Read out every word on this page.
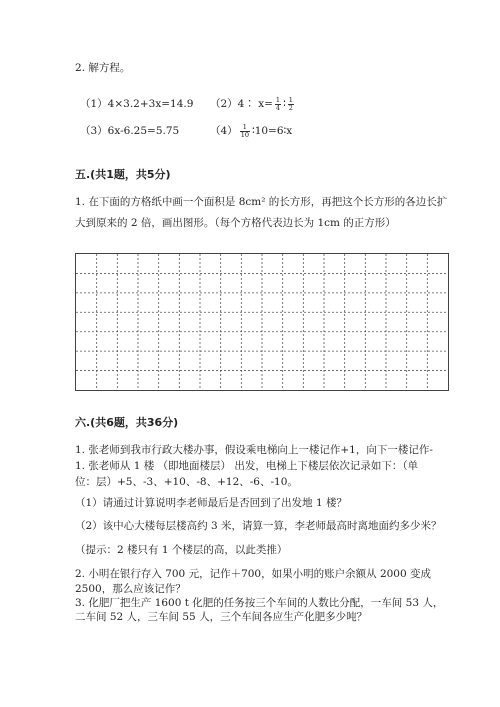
2. 解方程。
（1）4×3.2+3x=14.9 （2）4∶ $x= \frac{1}{4}$ ∶ $\frac{1}{2}$
（3）6x-6.25=5.75	$(4) \frac{1}{10}$ ∶10=6∶x
五.(共1题，共5分)
1. 在下面的方格纸中画一个面积是 8cm² 的长方形，再把这个长方形的各边长扩
大到原来的 2 倍，画出图形。（每个方格代表边长为 1cm 的正方形）
六.(共6题，共36分)
1. 张老师到我市行政大楼办事，假设乘电梯向上一楼记作+1，向下一楼记作-
1. 张老师从 1 楼 （即地面楼层） 出发，电梯上下楼层依次记录如下：（单
位：层）+5、-3、+10、-8、+12、-6、-10。
（1）请通过计算说明李老师最后是否回到了出发地 1 楼？
（2）该中心大楼每层楼高约 3 米，请算一算，李老师最高时离地面约多少米？
（提示：2 楼只有 1 个楼层的高，以此类推）
2. 小明在银行存入 700 元，记作＋700，如果小明的账户余额从 2000 变成
2500，那么应该记作？
3. 化肥厂把生产 1600 t 化肥的任务按三个车间的人数比分配，一车间 53 人，
二车间 52 人，三车间 55 人，三个车间各应生产化肥多少吨？
